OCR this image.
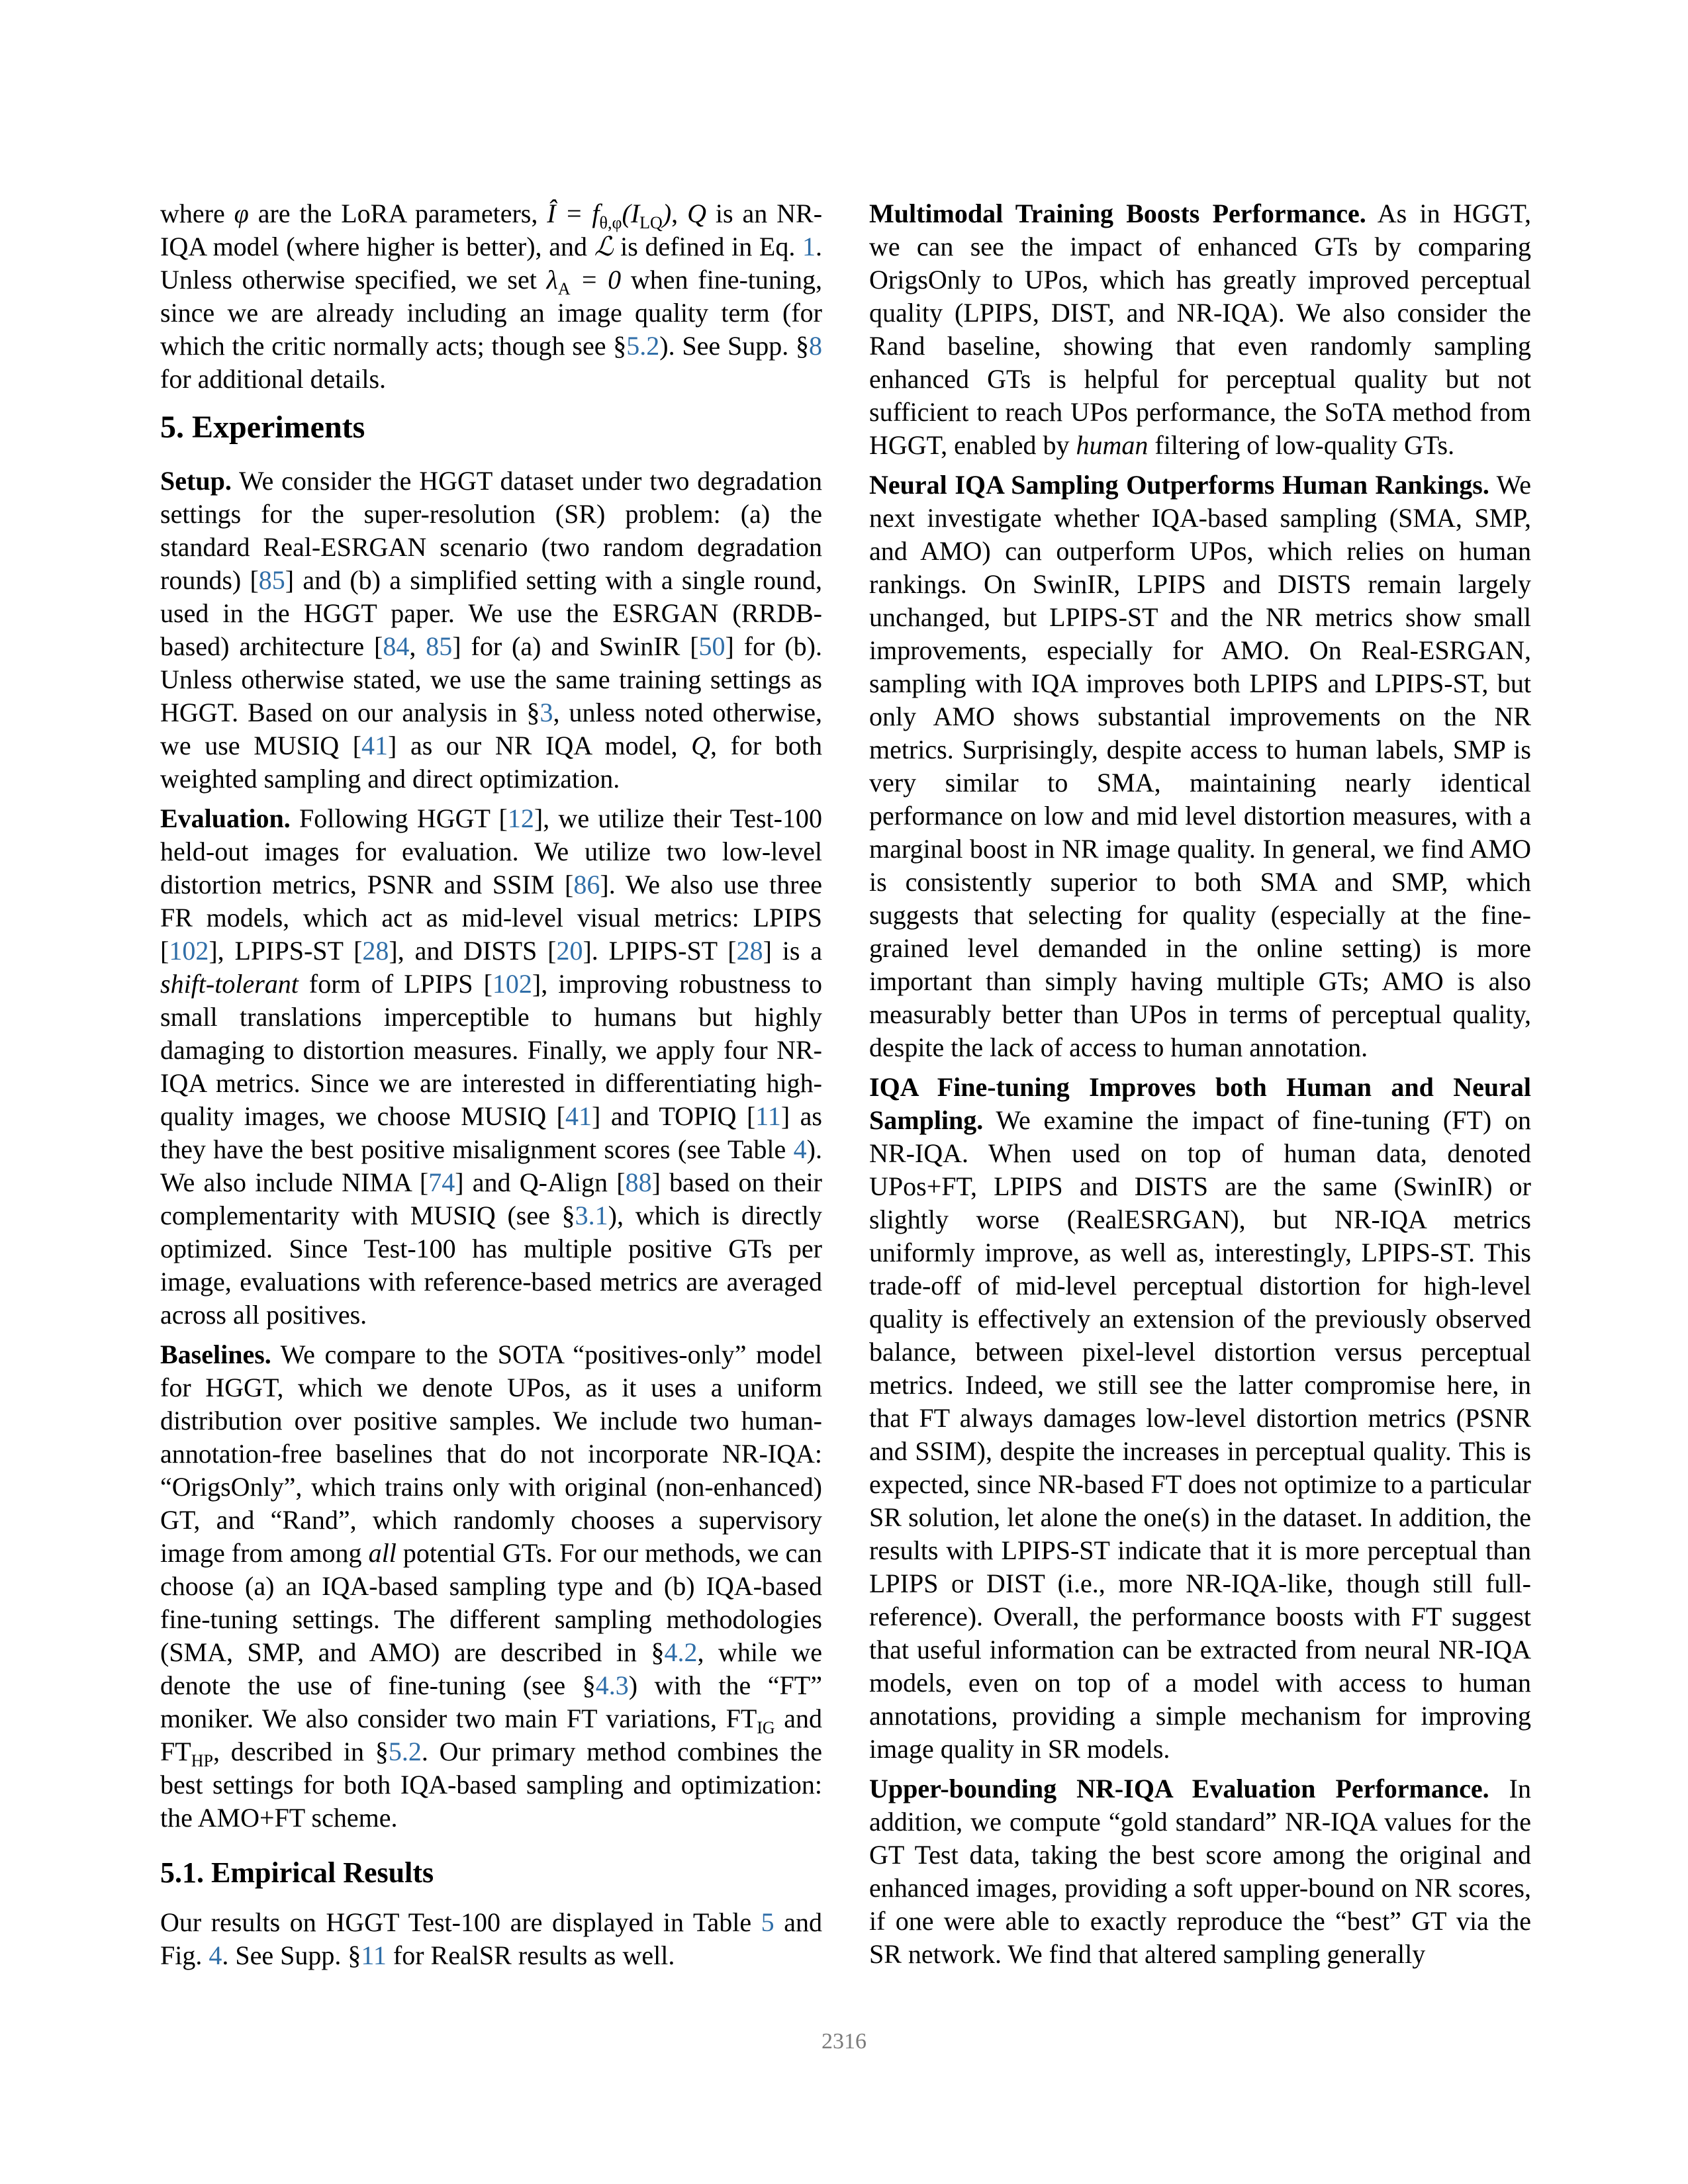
where φ are the LoRA parameters, Î = $f_{\theta,\varphi}(I_{LQ})$, Q is an NR-IQA model (where higher is better), and ℒ is defined in Eq. 1. Unless otherwise specified, we set $\lambda_A = 0$ when fine-tuning, since we are already including an image quality term (for which the critic normally acts; though see §5.2). See Supp. §8 for additional details.

5. Experiments

Setup. We consider the HGGT dataset under two degradation settings for the super-resolution (SR) problem: (a) the standard Real-ESRGAN scenario (two random degradation rounds) [85] and (b) a simplified setting with a single round, used in the HGGT paper. We use the ESRGAN (RRDB-based) architecture [84, 85] for (a) and SwinIR [50] for (b). Unless otherwise stated, we use the same training settings as HGGT. Based on our analysis in §3, unless noted otherwise, we use MUSIQ [41] as our NR IQA model, Q, for both weighted sampling and direct optimization.

Evaluation. Following HGGT [12], we utilize their Test-100 held-out images for evaluation. We utilize two low-level distortion metrics, PSNR and SSIM [86]. We also use three FR models, which act as mid-level visual metrics: LPIPS [102], LPIPS-ST [28], and DISTS [20]. LPIPS-ST [28] is a shift-tolerant form of LPIPS [102], improving robustness to small translations imperceptible to humans but highly damaging to distortion measures. Finally, we apply four NR-IQA metrics. Since we are interested in differentiating high-quality images, we choose MUSIQ [41] and TOPIQ [11] as they have the best positive misalignment scores (see Table 4). We also include NIMA [74] and Q-Align [88] based on their complementarity with MUSIQ (see §3.1), which is directly optimized. Since Test-100 has multiple positive GTs per image, evaluations with reference-based metrics are averaged across all positives.

Baselines. We compare to the SOTA “positives-only” model for HGGT, which we denote UPos, as it uses a uniform distribution over positive samples. We include two human-annotation-free baselines that do not incorporate NR-IQA: “OrigsOnly”, which trains only with original (non-enhanced) GT, and “Rand”, which randomly chooses a supervisory image from among all potential GTs. For our methods, we can choose (a) an IQA-based sampling type and (b) IQA-based fine-tuning settings. The different sampling methodologies (SMA, SMP, and AMO) are described in §4.2, while we denote the use of fine-tuning (see §4.3) with the “FT” moniker. We also consider two main FT variations, $FT_{IG}$ and $FT_{HP}$, described in §5.2. Our primary method combines the best settings for both IQA-based sampling and optimization: the AMO+FT scheme.

5.1. Empirical Results

Our results on HGGT Test-100 are displayed in Table 5 and Fig. 4. See Supp. §11 for RealSR results as well.

Multimodal Training Boosts Performance. As in HGGT, we can see the impact of enhanced GTs by comparing OrigsOnly to UPos, which has greatly improved perceptual quality (LPIPS, DIST, and NR-IQA). We also consider the Rand baseline, showing that even randomly sampling enhanced GTs is helpful for perceptual quality but not sufficient to reach UPos performance, the SoTA method from HGGT, enabled by human filtering of low-quality GTs.

Neural IQA Sampling Outperforms Human Rankings. We next investigate whether IQA-based sampling (SMA, SMP, and AMO) can outperform UPos, which relies on human rankings. On SwinIR, LPIPS and DISTS remain largely unchanged, but LPIPS-ST and the NR metrics show small improvements, especially for AMO. On Real-ESRGAN, sampling with IQA improves both LPIPS and LPIPS-ST, but only AMO shows substantial improvements on the NR metrics. Surprisingly, despite access to human labels, SMP is very similar to SMA, maintaining nearly identical performance on low and mid level distortion measures, with a marginal boost in NR image quality. In general, we find AMO is consistently superior to both SMA and SMP, which suggests that selecting for quality (especially at the fine-grained level demanded in the online setting) is more important than simply having multiple GTs; AMO is also measurably better than UPos in terms of perceptual quality, despite the lack of access to human annotation.

IQA Fine-tuning Improves both Human and Neural Sampling. We examine the impact of fine-tuning (FT) on NR-IQA. When used on top of human data, denoted UPos+FT, LPIPS and DISTS are the same (SwinIR) or slightly worse (RealESRGAN), but NR-IQA metrics uniformly improve, as well as, interestingly, LPIPS-ST. This trade-off of mid-level perceptual distortion for high-level quality is effectively an extension of the previously observed balance, between pixel-level distortion versus perceptual metrics. Indeed, we still see the latter compromise here, in that FT always damages low-level distortion metrics (PSNR and SSIM), despite the increases in perceptual quality. This is expected, since NR-based FT does not optimize to a particular SR solution, let alone the one(s) in the dataset. In addition, the results with LPIPS-ST indicate that it is more perceptual than LPIPS or DIST (i.e., more NR-IQA-like, though still full-reference). Overall, the performance boosts with FT suggest that useful information can be extracted from neural NR-IQA models, even on top of a model with access to human annotations, providing a simple mechanism for improving image quality in SR models.

Upper-bounding NR-IQA Evaluation Performance. In addition, we compute “gold standard” NR-IQA values for the GT Test data, taking the best score among the original and enhanced images, providing a soft upper-bound on NR scores, if one were able to exactly reproduce the “best” GT via the SR network. We find that altered sampling generally

2316
